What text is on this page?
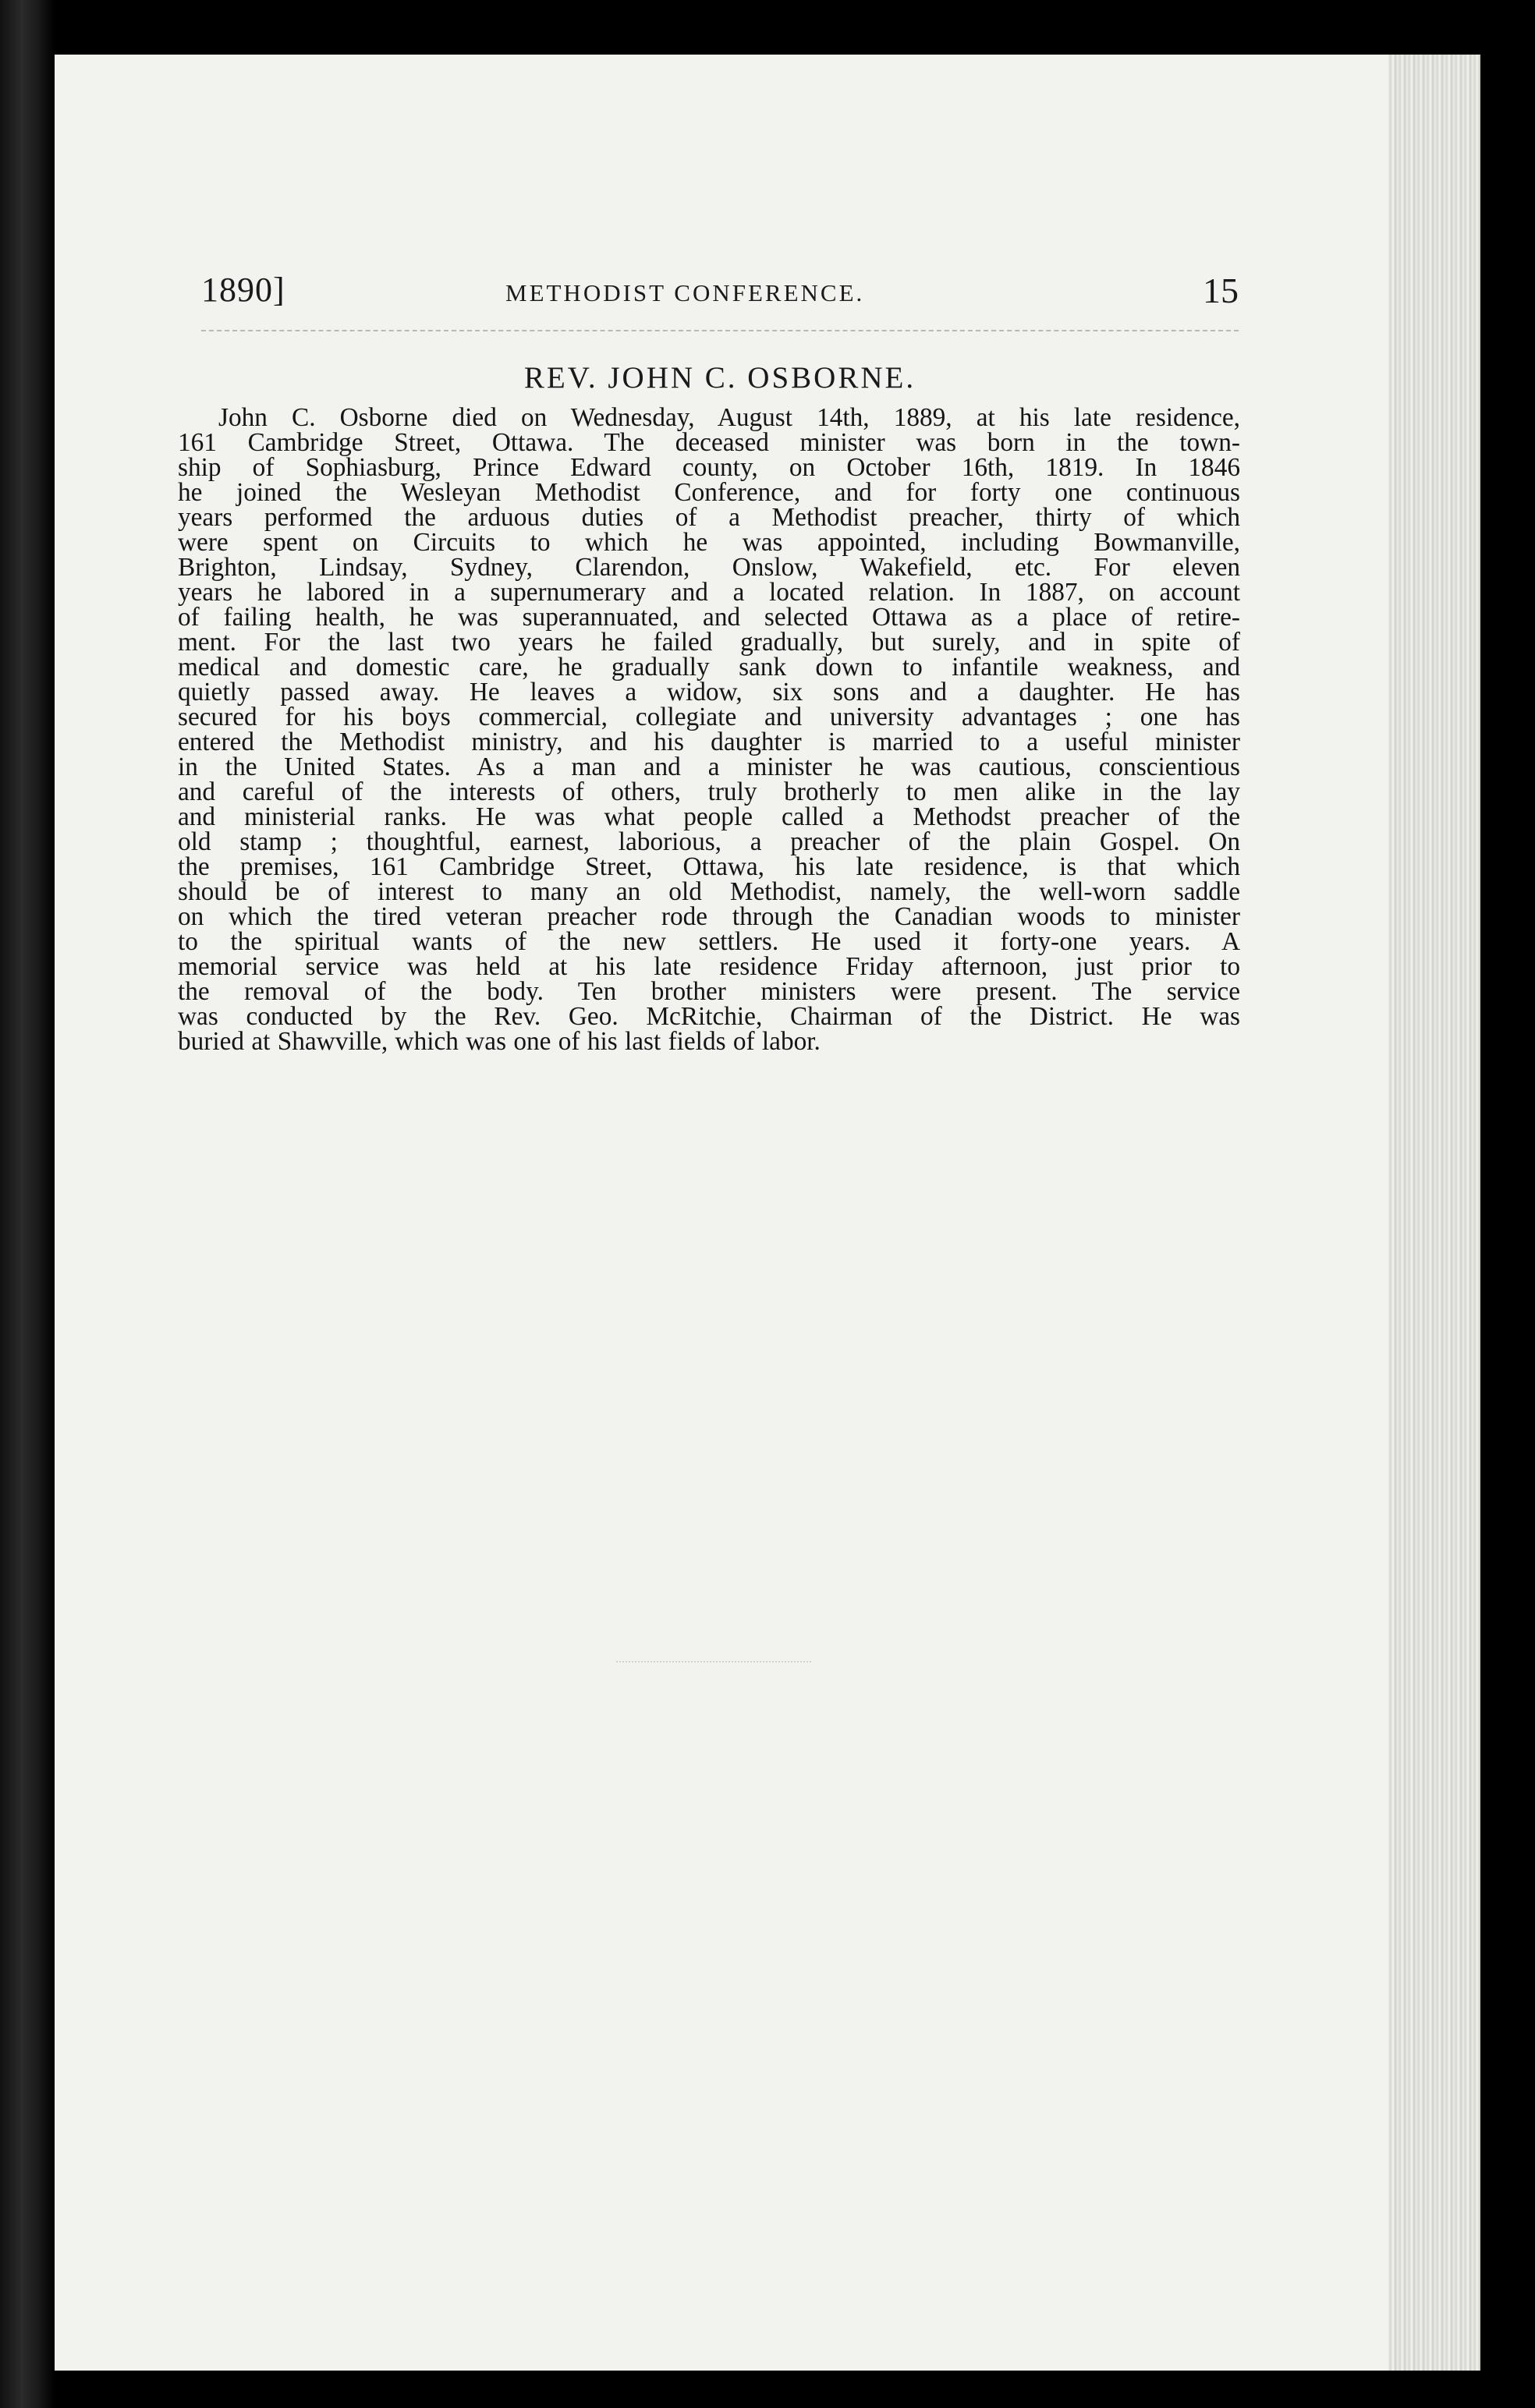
1890]	METHODIST CONFERENCE.	15
REV. JOHN C. OSBORNE.
John C. Osborne died on Wednesday, August 14th, 1889, at his late residence,
161 Cambridge Street, Ottawa. The deceased minister was born in the town-
ship of Sophiasburg, Prince Edward county, on October 16th, 1819. In 1846
he joined the Wesleyan Methodist Conference, and for forty one continuous
years performed the arduous duties of a Methodist preacher, thirty of which
were spent on Circuits to which he was appointed, including Bowmanville,
Brighton, Lindsay, Sydney, Clarendon, Onslow, Wakefield, etc. For eleven
years he labored in a supernumerary and a located relation. In 1887, on account
of failing health, he was superannuated, and selected Ottawa as a place of retire-
ment. For the last two years he failed gradually, but surely, and in spite of
medical and domestic care, he gradually sank down to infantile weakness, and
quietly passed away. He leaves a widow, six sons and a daughter. He has
secured for his boys commercial, collegiate and university advantages ; one has
entered the Methodist ministry, and his daughter is married to a useful minister
in the United States. As a man and a minister he was cautious, conscientious
and careful of the interests of others, truly brotherly to men alike in the lay
and ministerial ranks. He was what people called a Methodst preacher of the
old stamp ; thoughtful, earnest, laborious, a preacher of the plain Gospel. On
the premises, 161 Cambridge Street, Ottawa, his late residence, is that which
should be of interest to many an old Methodist, namely, the well-worn saddle
on which the tired veteran preacher rode through the Canadian woods to minister
to the spiritual wants of the new settlers. He used it forty-one years. A
memorial service was held at his late residence Friday afternoon, just prior to
the removal of the body. Ten brother ministers were present. The service
was conducted by the Rev. Geo. McRitchie, Chairman of the District. He was
buried at Shawville, which was one of his last fields of labor.
